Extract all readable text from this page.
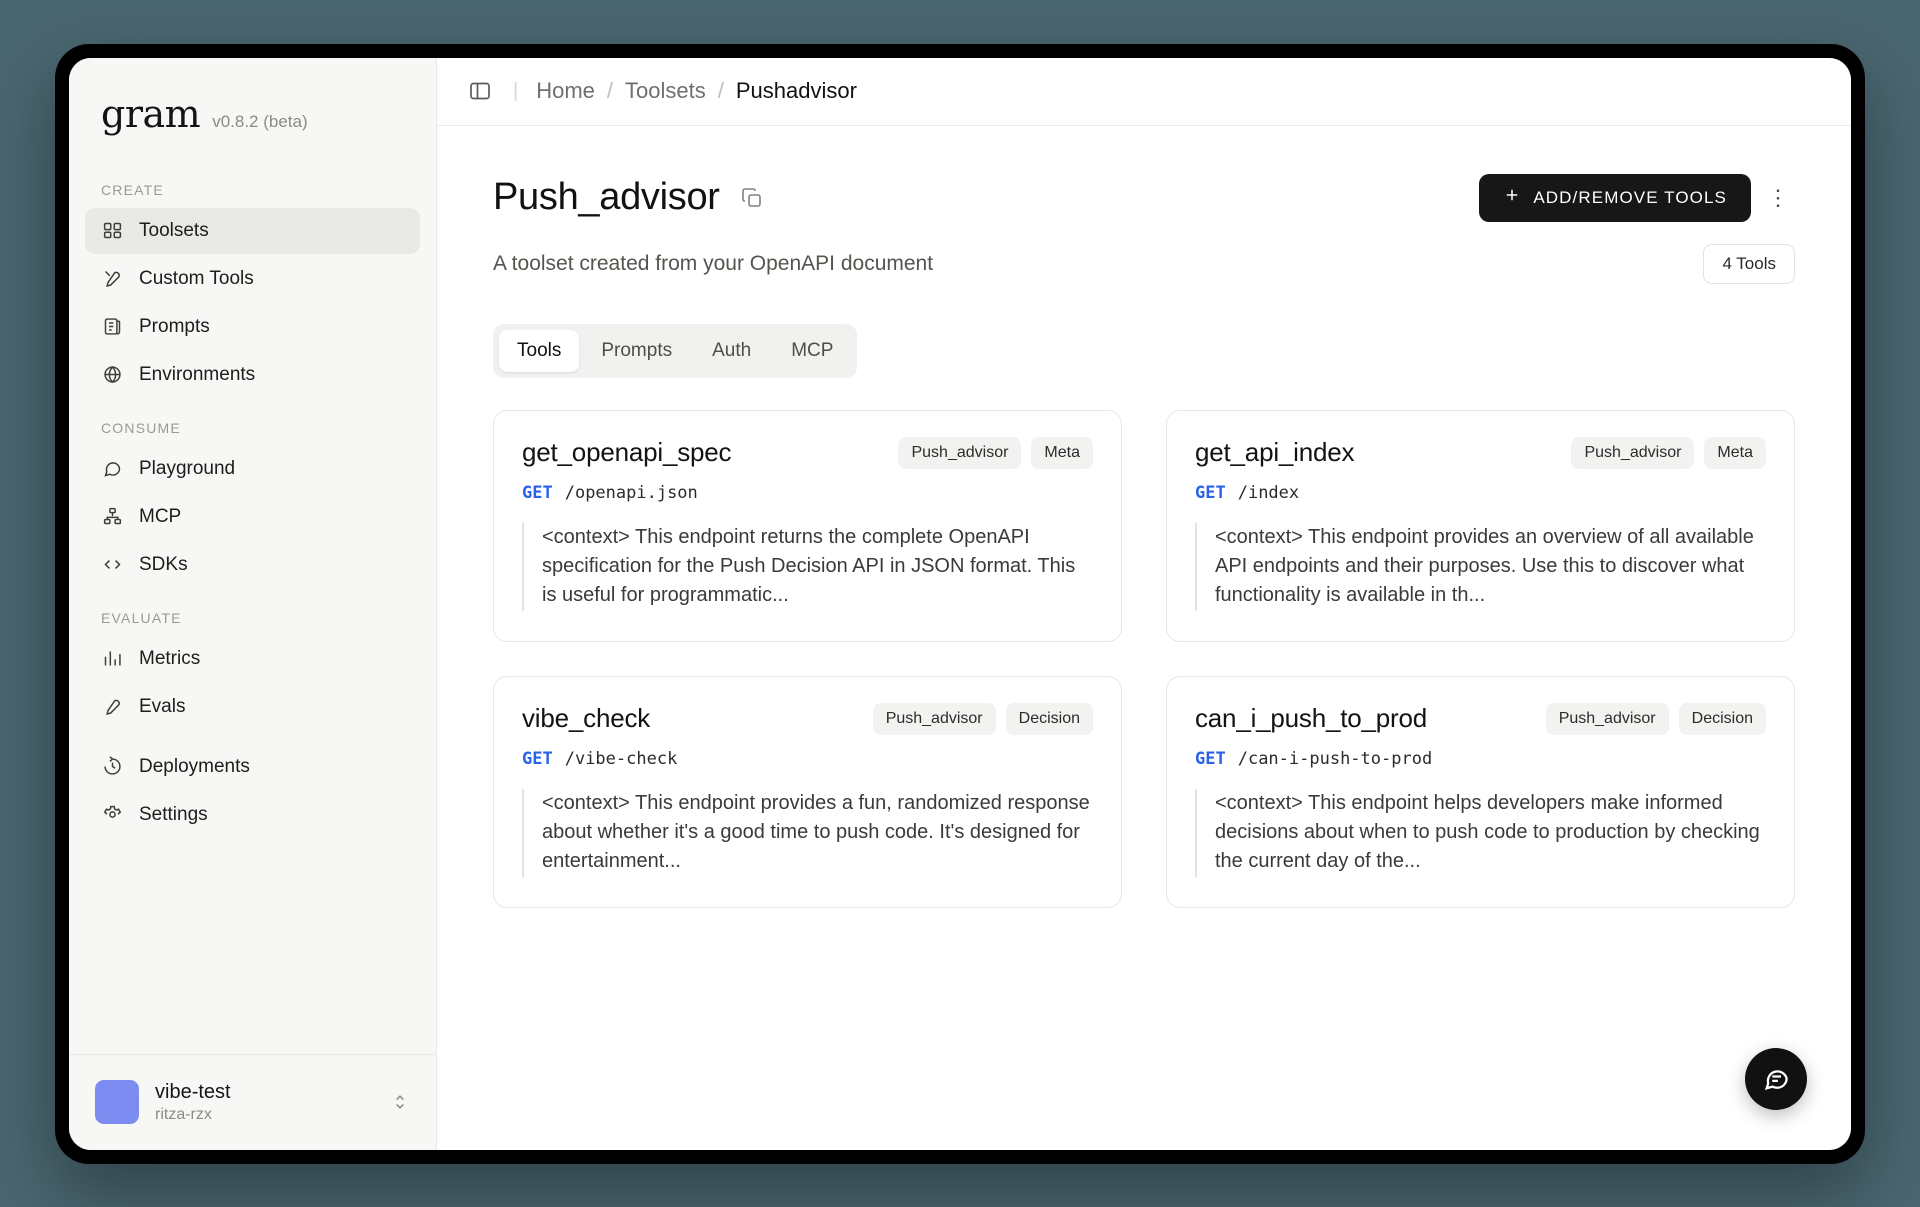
gram v0.8.2 (beta)
CREATE
Toolsets
Custom Tools
Prompts
Environments
CONSUME
Playground
MCP
SDKs
EVALUATE
Metrics
Evals
Deployments
Settings
vibe-test
ritza-rzx
| Home / Toolsets / Pushadvisor
Push_advisor	ADD/REMOVE TOOLS ⋮
A toolset created from your OpenAPI document	4 Tools
Tools	Prompts	Auth	MCP
get_openapi_spec	Push_advisor	Meta
GET /openapi.json
<context> This endpoint returns the complete OpenAPI specification for the Push Decision API in JSON format. This is useful for programmatic...
get_api_index	Push_advisor	Meta
GET /index
<context> This endpoint provides an overview of all available API endpoints and their purposes. Use this to discover what functionality is available in th...
vibe_check	Push_advisor	Decision
GET /vibe-check
<context> This endpoint provides a fun, randomized response about whether it's a good time to push code. It's designed for entertainment...
can_i_push_to_prod	Push_advisor	Decision
GET /can-i-push-to-prod
<context> This endpoint helps developers make informed decisions about when to push code to production by checking the current day of the...
